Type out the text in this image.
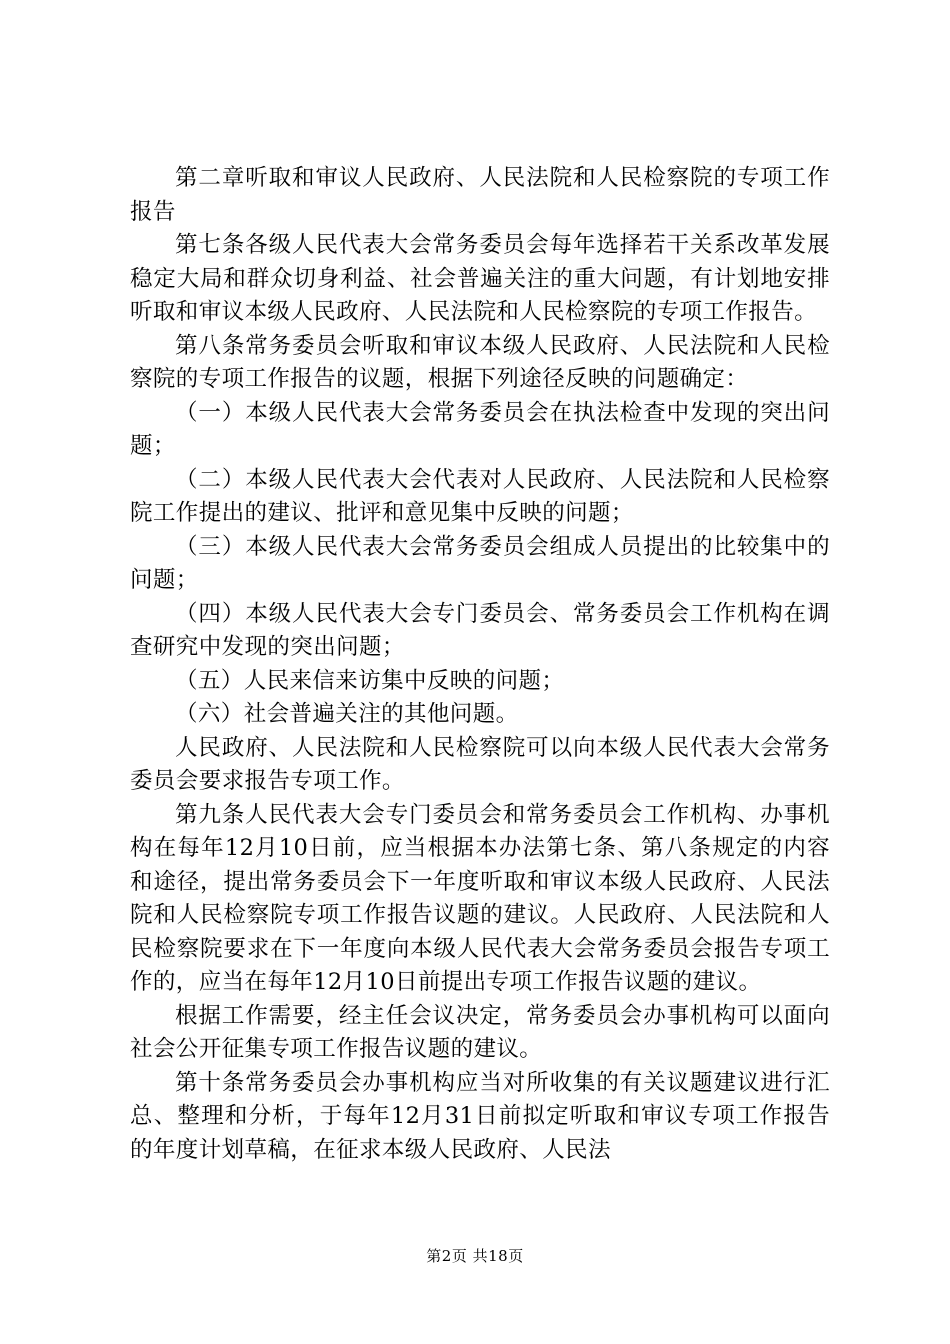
第二章听取和审议人民政府、人民法院和人民检察院的专项工作报告

第七条各级人民代表大会常务委员会每年选择若干关系改革发展稳定大局和群众切身利益、社会普遍关注的重大问题，有计划地安排听取和审议本级人民政府、人民法院和人民检察院的专项工作报告。

第八条常务委员会听取和审议本级人民政府、人民法院和人民检察院的专项工作报告的议题，根据下列途径反映的问题确定：

（一）本级人民代表大会常务委员会在执法检查中发现的突出问题；

（二）本级人民代表大会代表对人民政府、人民法院和人民检察院工作提出的建议、批评和意见集中反映的问题；

（三）本级人民代表大会常务委员会组成人员提出的比较集中的问题；

（四）本级人民代表大会专门委员会、常务委员会工作机构在调查研究中发现的突出问题；

（五）人民来信来访集中反映的问题；

（六）社会普遍关注的其他问题。

人民政府、人民法院和人民检察院可以向本级人民代表大会常务委员会要求报告专项工作。

第九条人民代表大会专门委员会和常务委员会工作机构、办事机构在每年12月10日前，应当根据本办法第七条、第八条规定的内容和途径，提出常务委员会下一年度听取和审议本级人民政府、人民法院和人民检察院专项工作报告议题的建议。人民政府、人民法院和人民检察院要求在下一年度向本级人民代表大会常务委员会报告专项工作的，应当在每年12月10日前提出专项工作报告议题的建议。

根据工作需要，经主任会议决定，常务委员会办事机构可以面向社会公开征集专项工作报告议题的建议。

第十条常务委员会办事机构应当对所收集的有关议题建议进行汇总、整理和分析，于每年12月31日前拟定听取和审议专项工作报告的年度计划草稿，在征求本级人民政府、人民法

第2页 共18页
